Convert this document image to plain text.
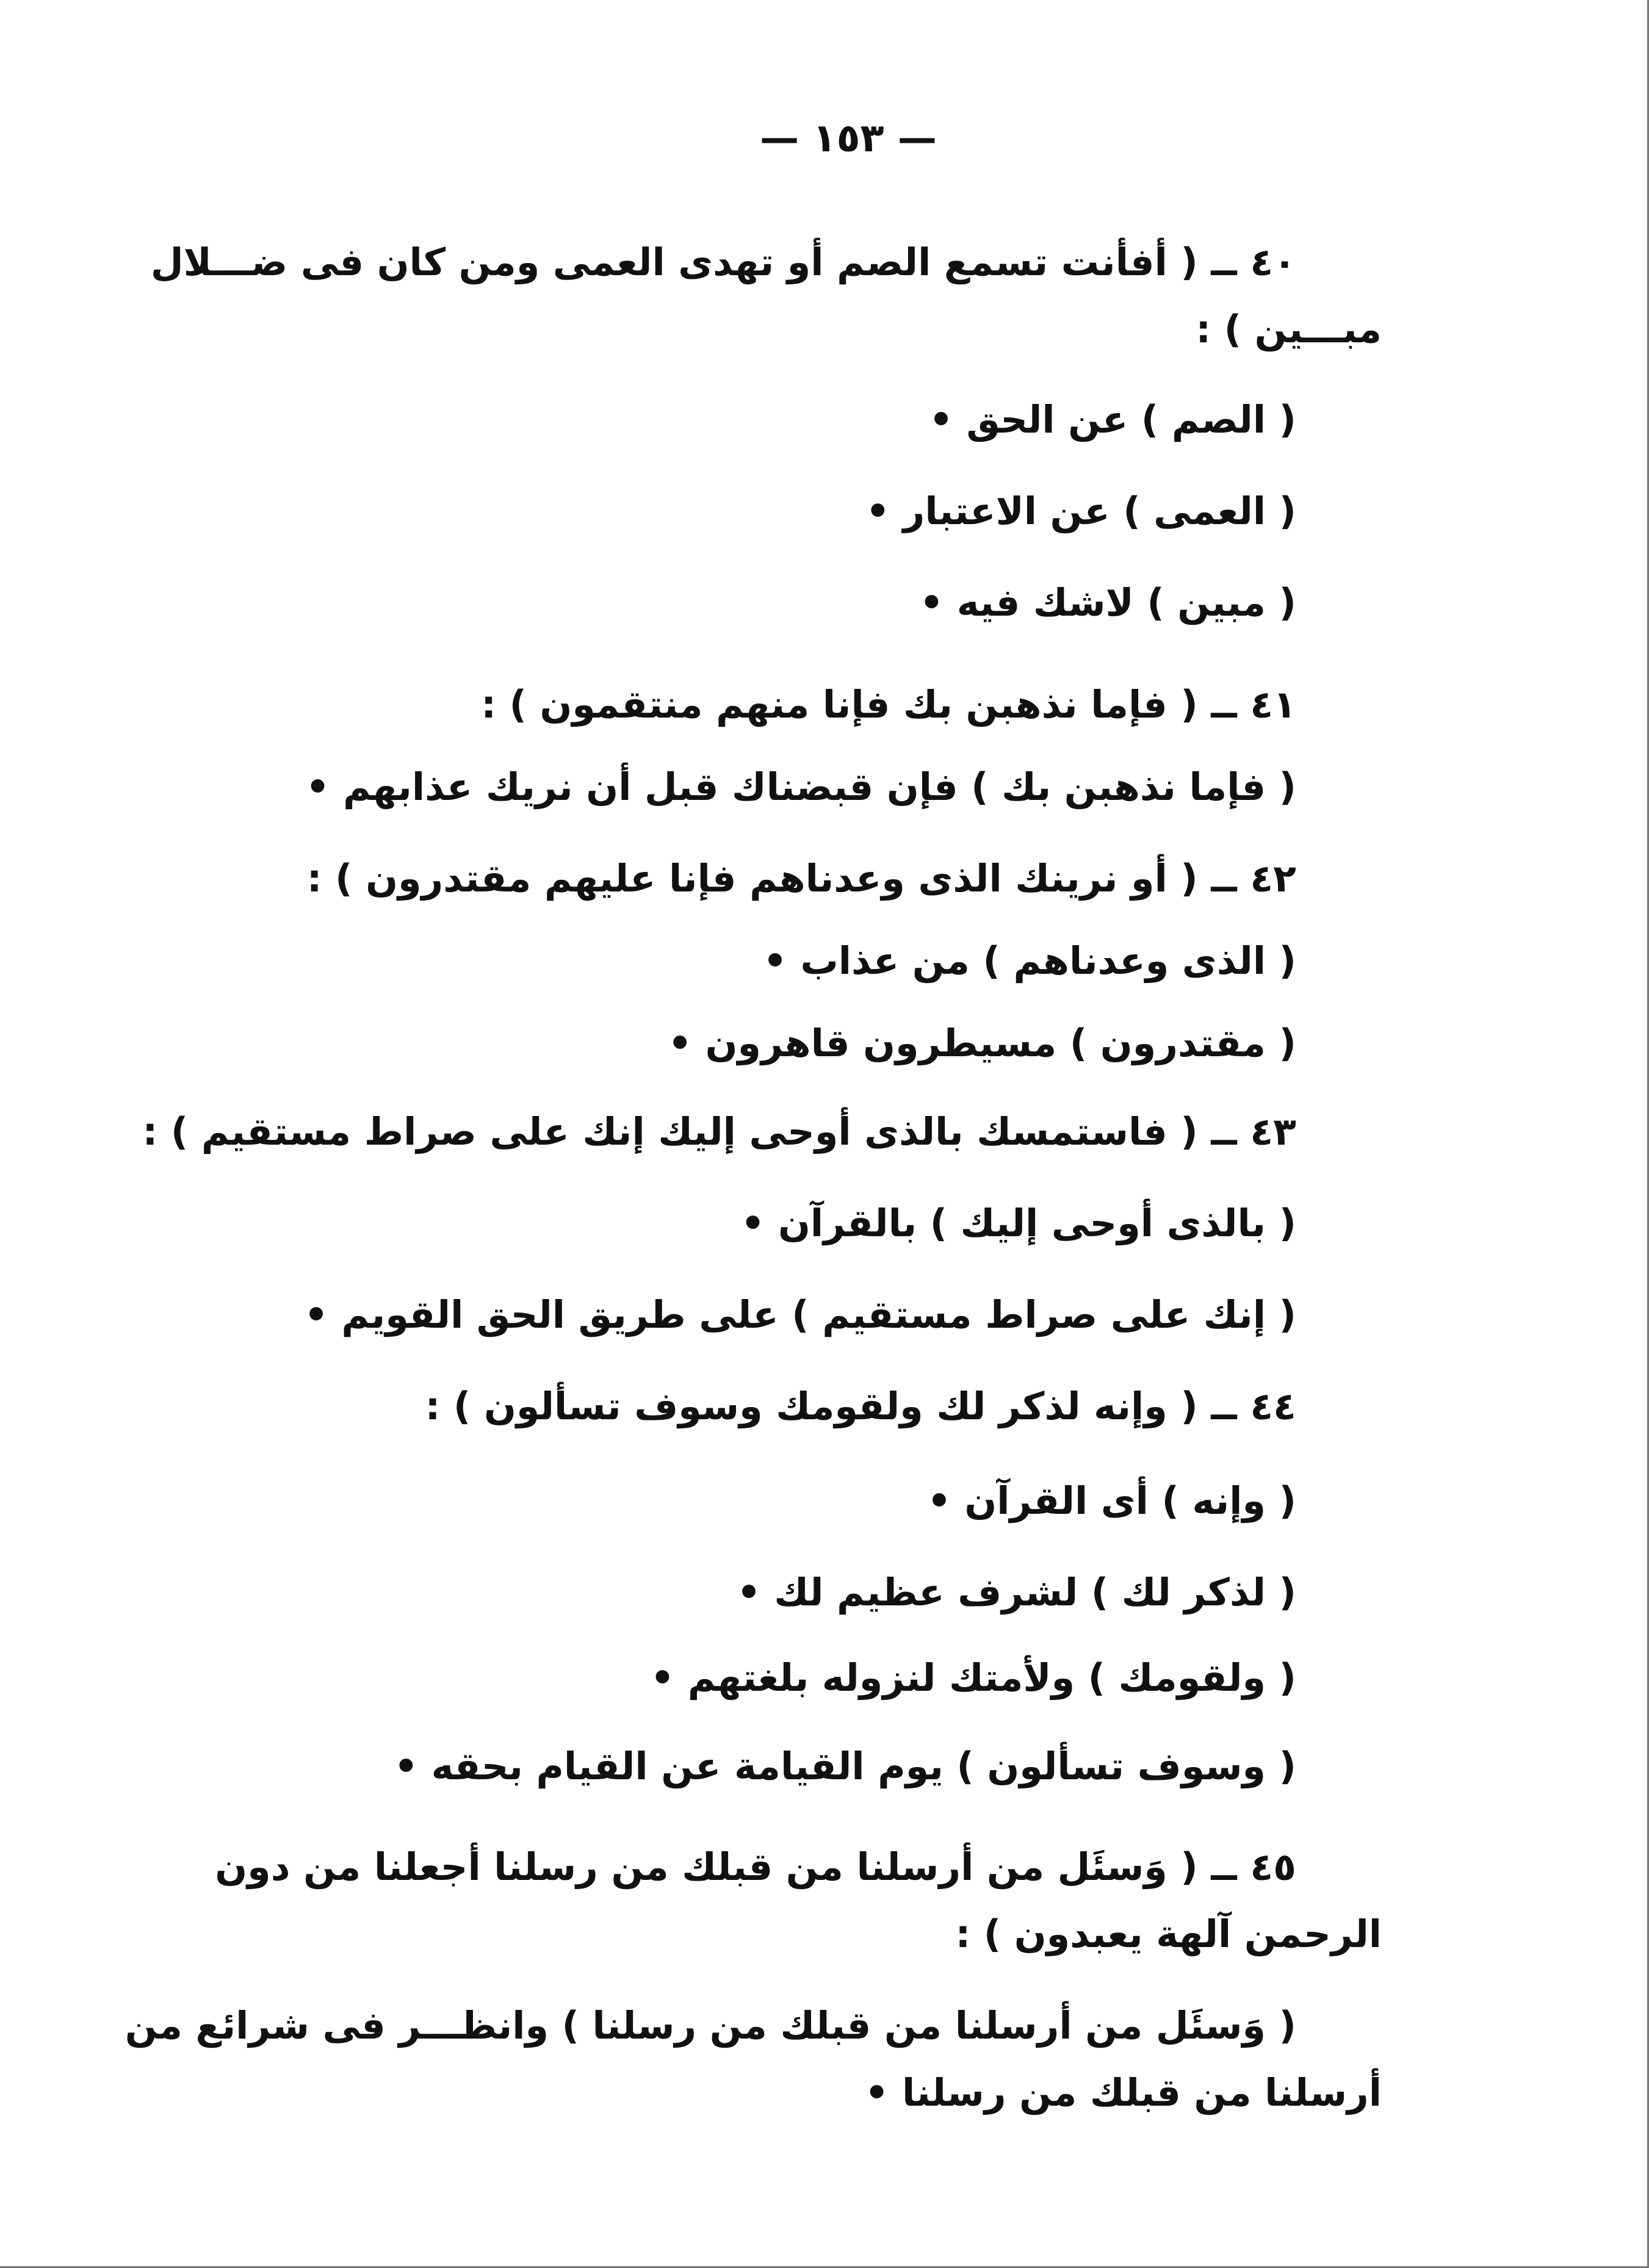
— ١٥٣ —
٤٠ ــ ( أفأنت تسمع الصم أو تهدى العمى ومن كان فى ضـــلال
مبـــين ) :
( الصم ) عن الحق •
( العمى ) عن الاعتبار •
( مبين ) لاشك فيه •
٤١ ــ ( فإما نذهبن بك فإنا منهم منتقمون ) :
( فإما نذهبن بك ) فإن قبضناك قبل أن نريك عذابهم •
٤٢ ــ ( أو نرينك الذى وعدناهم فإنا عليهم مقتدرون ) :
( الذى وعدناهم ) من عذاب •
( مقتدرون ) مسيطرون قاهرون •
٤٣ ــ ( فاستمسك بالذى أوحى إليك إنك على صراط مستقيم ) :
( بالذى أوحى إليك ) بالقرآن •
( إنك على صراط مستقيم ) على طريق الحق القويم •
٤٤ ــ ( وإنه لذكر لك ولقومك وسوف تسألون ) :
( وإنه ) أى القرآن •
( لذكر لك ) لشرف عظيم لك •
( ولقومك ) ولأمتك لنزوله بلغتهم •
( وسوف تسألون ) يوم القيامة عن القيام بحقه •
٤٥ ــ ( وَسئَل من أرسلنا من قبلك من رسلنا أجعلنا من دون
الرحمن آلهة يعبدون ) :
( وَسئَل من أرسلنا من قبلك من رسلنا ) وانظـــر فى شرائع من
أرسلنا من قبلك من رسلنا •
